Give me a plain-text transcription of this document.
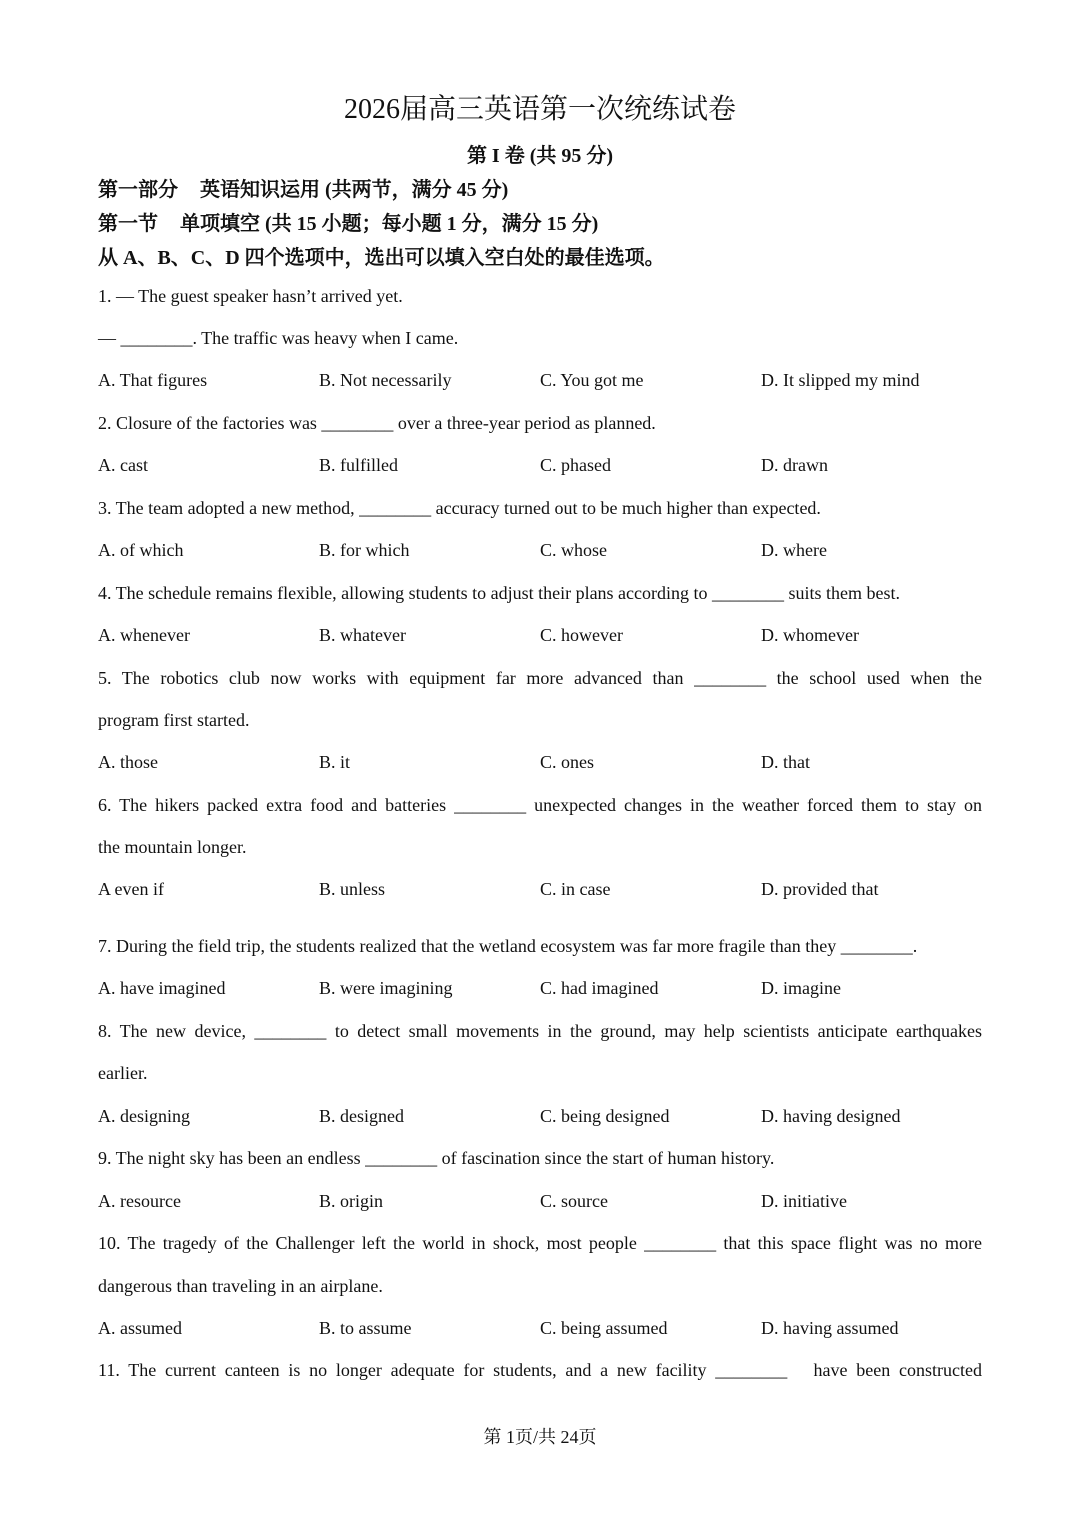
2026届高三英语第一次统练试卷
第 I 卷 (共 95 分)
第一部分 英语知识运用 (共两节，满分 45 分)
第一节 单项填空 (共 15 小题；每小题 1 分，满分 15 分)
从 A、B、C、D 四个选项中，选出可以填入空白处的最佳选项。
1. — The guest speaker hasn’t arrived yet.
— ________. The traffic was heavy when I came.
A. That figures	B. Not necessarily	C. You got me	D. It slipped my mind
2. Closure of the factories was ________ over a three-year period as planned.
A. cast	B. fulfilled	C. phased	D. drawn
3. The team adopted a new method, ________ accuracy turned out to be much higher than expected.
A. of which	B. for which	C. whose	D. where
4. The schedule remains flexible, allowing students to adjust their plans according to ________ suits them best.
A. whenever	B. whatever	C. however	D. whomever
5. The robotics club now works with equipment far more advanced than ________ the school used when the
program first started.
A. those	B. it	C. ones	D. that
6. The hikers packed extra food and batteries ________ unexpected changes in the weather forced them to stay on
the mountain longer.
A even if	B. unless	C. in case	D. provided that
7. During the field trip, the students realized that the wetland ecosystem was far more fragile than they ________.
A. have imagined	B. were imagining	C. had imagined	D. imagine
8. The new device, ________ to detect small movements in the ground, may help scientists anticipate earthquakes
earlier.
A. designing	B. designed	C. being designed	D. having designed
9. The night sky has been an endless ________ of fascination since the start of human history.
A. resource	B. origin	C. source	D. initiative
10. The tragedy of the Challenger left the world in shock, most people ________ that this space flight was no more
dangerous than traveling in an airplane.
A. assumed	B. to assume	C. being assumed	D. having assumed
11. The current canteen is no longer adequate for students, and a new facility ________   have been constructed
第 1页/共 24页
